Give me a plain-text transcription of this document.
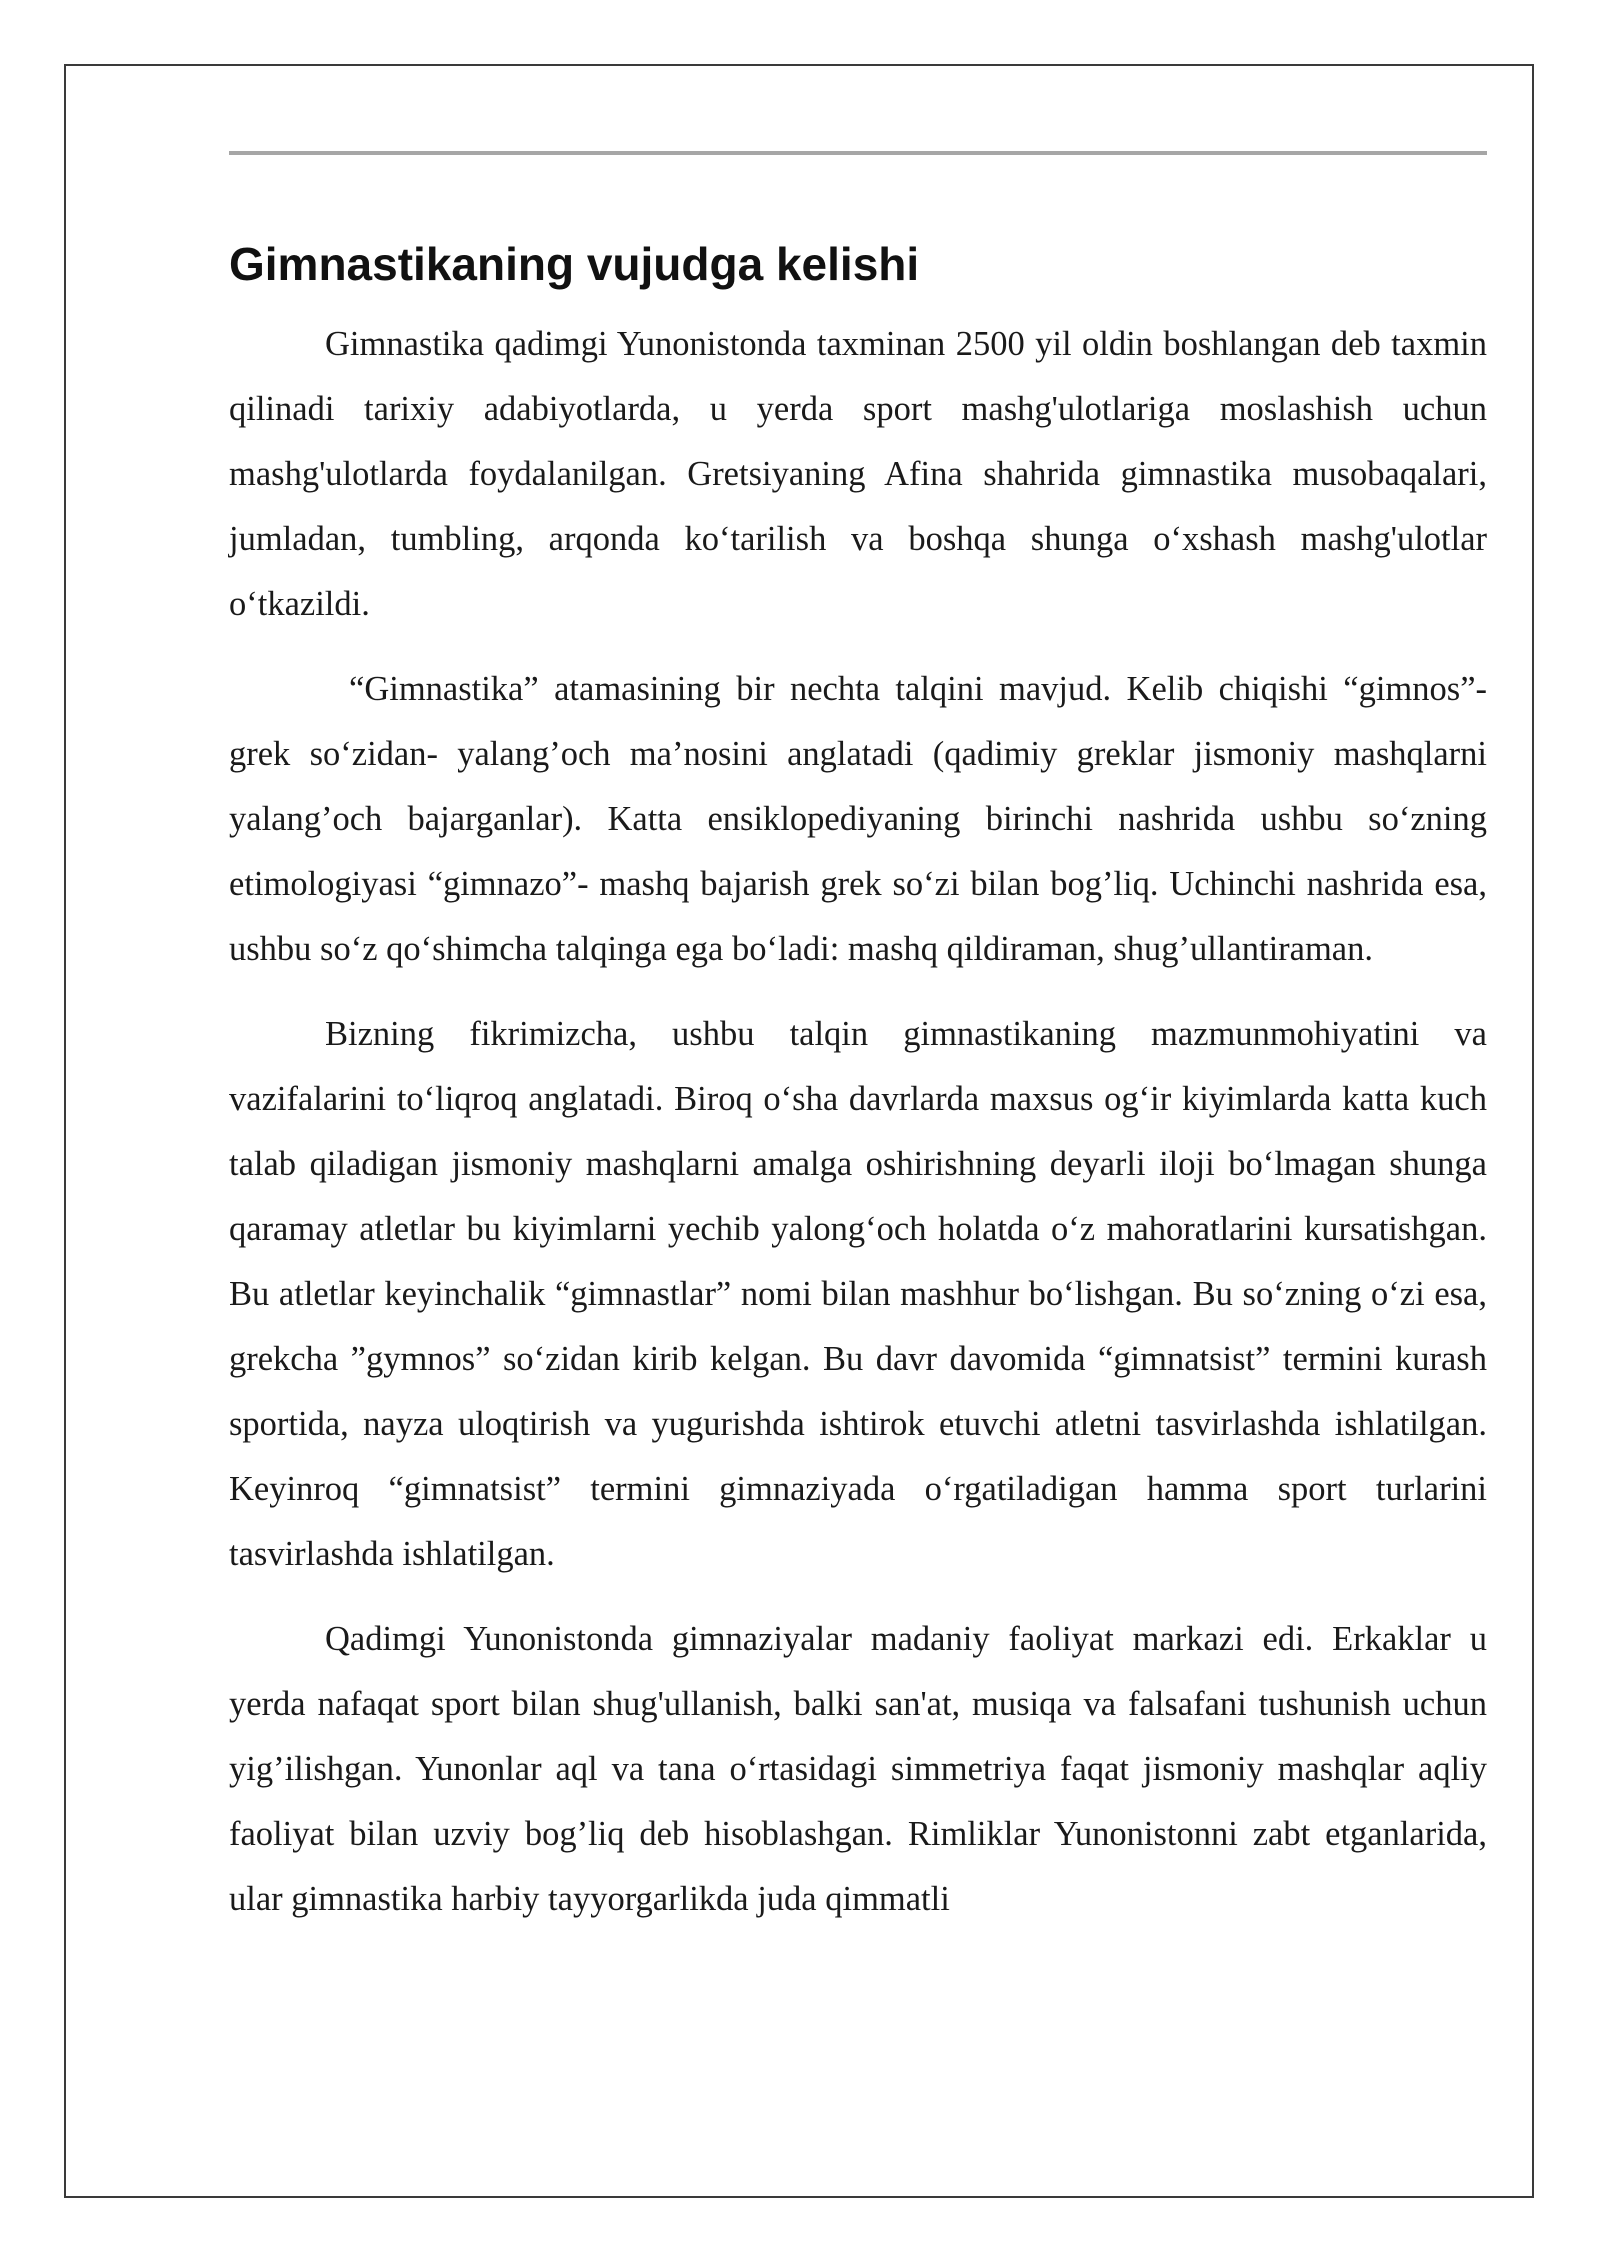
Gimnastikaning vujudga kelishi

Gimnastika qadimgi Yunonistonda taxminan 2500 yil oldin boshlangan deb taxmin qilinadi tarixiy adabiyotlarda, u yerda sport mashg'ulotlariga moslashish uchun mashg'ulotlarda foydalanilgan. Gretsiyaning Afina shahrida gimnastika musobaqalari, jumladan, tumbling, arqonda ko‘tarilish va boshqa shunga o‘xshash mashg'ulotlar o‘tkazildi.

“Gimnastika” atamasining bir nechta talqini mavjud. Kelib chiqishi “gimnos”- grek so‘zidan- yalang’och ma’nosini anglatadi (qadimiy greklar jismoniy mashqlarni yalang’och bajarganlar). Katta ensiklopediyaning birinchi nashrida ushbu so‘zning etimologiyasi “gimnazo”- mashq bajarish grek so‘zi bilan bog’liq. Uchinchi nashrida esa, ushbu so‘z qo‘shimcha talqinga ega bo‘ladi: mashq qildiraman, shug’ullantiraman.

Bizning fikrimizcha, ushbu talqin gimnastikaning mazmunmohiyatini va vazifalarini to‘liqroq anglatadi. Biroq o‘sha davrlarda maxsus og‘ir kiyimlarda katta kuch talab qiladigan jismoniy mashqlarni amalga oshirishning deyarli iloji bo‘lmagan shunga qaramay atletlar bu kiyimlarni yechib yalong‘och holatda o‘z mahoratlarini kursatishgan. Bu atletlar keyinchalik “gimnastlar” nomi bilan mashhur bo‘lishgan. Bu so‘zning o‘zi esa, grekcha ”gymnos” so‘zidan kirib kelgan. Bu davr davomida “gimnatsist” termini kurash sportida, nayza uloqtirish va yugurishda ishtirok etuvchi atletni tasvirlashda ishlatilgan. Keyinroq “gimnatsist” termini gimnaziyada o‘rgatiladigan hamma sport turlarini tasvirlashda ishlatilgan.

Qadimgi Yunonistonda gimnaziyalar madaniy faoliyat markazi edi. Erkaklar u yerda nafaqat sport bilan shug'ullanish, balki san'at, musiqa va falsafani tushunish uchun yig’ilishgan. Yunonlar aql va tana o‘rtasidagi simmetriya faqat jismoniy mashqlar aqliy faoliyat bilan uzviy bog’liq deb hisoblashgan. Rimliklar Yunonistonni zabt etganlarida, ular gimnastika harbiy tayyorgarlikda juda qimmatli
